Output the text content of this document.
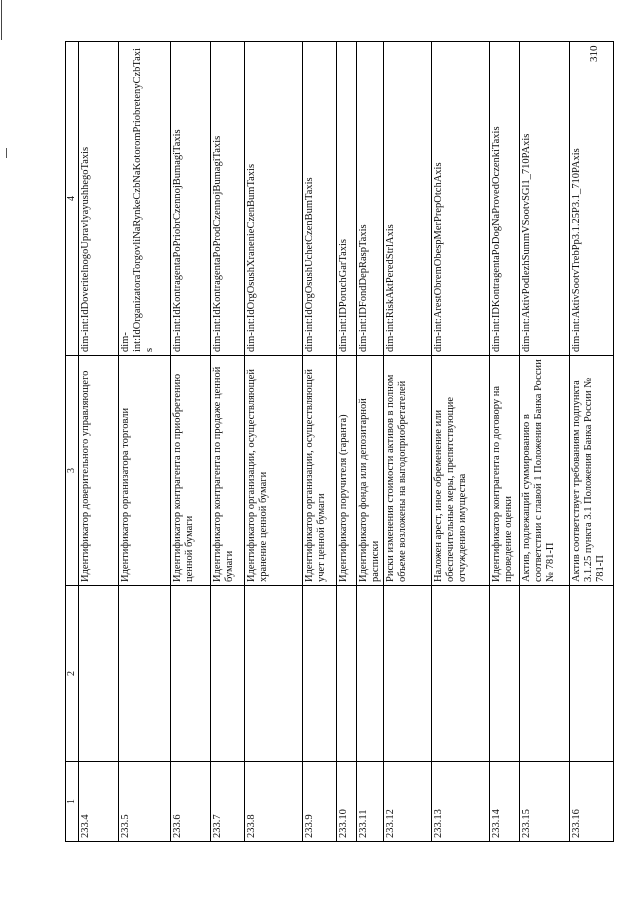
310
1	2	3	4
233.4		Идентификатор доверительного управляющего	dim-int:IdDoveritelnogoUpravlyayushhegoTaxis
233.5		Идентификатор организатора торговли	dim-int:IdOrganizatoraTorgovliNaRynkeCzbNaKotoromPriobretenyCzbTaxis
233.6		Идентификатор контрагента по приобретению ценной бумаги	dim-int:IdKontragentaPoPriobrCzennojBumagiTaxis
233.7		Идентификатор контрагента по продаже ценной бумаги	dim-int:IdKontragentaPoProdCzennojBumagiTaxis
233.8		Идентификатор организации, осуществляющей хранение ценной бумаги	dim-int:IdOrgOsushXranenieCzenBumTaxis
233.9		Идентификатор организации, осуществляющей учет ценной бумаги	dim-int:IdOrgOsushUchetCzenBumTaxis
233.10		Идентификатор поручителя (гаранта)	dim-int:IDPoruchGarTaxis
233.11		Идентификатор фонда или депозитарной расписки	dim-int:IDFondDepRaspTaxis
233.12		Риски изменения стоимости активов в полном объеме возложены на выгодоприобретателей	dim-int:RiskAktPeredStrlAxis
233.13		Наложен арест, иное обременение или обеспечительные меры, препятствующие отчуждению имущества	dim-int:ArestObremObespMerPrepOtchAxis
233.14		Идентификатор контрагента по договору на проведение оценки	dim-int:IDKontragentaPoDogNaProvedOczenkiTaxis
233.15		Актив, подлежащий суммированию в соответствии с главой 1 Положения Банка России № 781-П	dim-int:AktivPodlezhSummVSootvSGl1_710PAxis
233.16		Актив соответствует требованиям подпункта 3.1.25 пункта 3.1 Положения Банка России № 781-П	dim-int:AktivSootvTrebPp3.1.25P3.1_710PAxis
